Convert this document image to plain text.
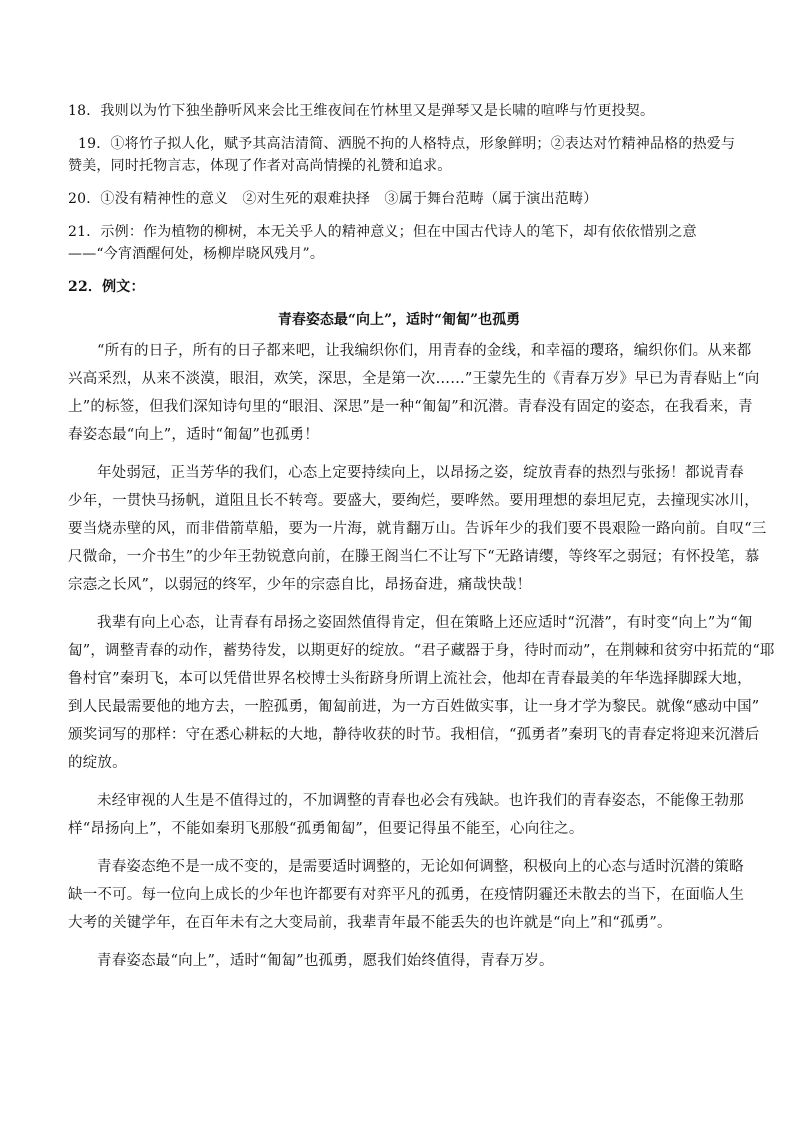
18．我则以为竹下独坐静听风来会比王维夜间在竹林里又是弹琴又是长啸的喧哗与竹更投契。
19．①将竹子拟人化，赋予其高洁清简、洒脱不拘的人格特点，形象鲜明；②表达对竹精神品格的热爱与
赞美，同时托物言志，体现了作者对高尚情操的礼赞和追求。
20．①没有精神性的意义　②对生死的艰难抉择　③属于舞台范畴（属于演出范畴）
21．示例：作为植物的柳树，本无关乎人的精神意义；但在中国古代诗人的笔下，却有依依惜别之意
——“今宵酒醒何处，杨柳岸晓风残月”。
22．例文：
青春姿态最“向上”，适时“匍匐”也孤勇
“所有的日子，所有的日子都来吧，让我编织你们，用青春的金线，和幸福的璎珞，编织你们。从来都
兴高采烈，从来不淡漠，眼泪，欢笑，深思，全是第一次……”王蒙先生的《青春万岁》早已为青春贴上“向
上”的标签，但我们深知诗句里的“眼泪、深思”是一种“匍匐”和沉潜。青春没有固定的姿态，在我看来，青
春姿态最“向上”，适时“匍匐”也孤勇！
年处弱冠，正当芳华的我们，心态上定要持续向上，以昂扬之姿，绽放青春的热烈与张扬！都说青春
少年，一贯快马扬帆，道阻且长不转弯。要盛大，要绚烂，要哗然。要用理想的泰坦尼克，去撞现实冰川，
要当烧赤壁的风，而非借箭草船，要为一片海，就肯翻万山。告诉年少的我们要不畏艰险一路向前。自叹“三
尺微命，一介书生”的少年王勃锐意向前，在滕王阁当仁不让写下“无路请缨，等终军之弱冠；有怀投笔，慕
宗悫之长风”，以弱冠的终军，少年的宗悫自比，昂扬奋进，痛哉快哉！
我辈有向上心态，让青春有昂扬之姿固然值得肯定，但在策略上还应适时“沉潜”，有时变“向上”为“匍
匐”，调整青春的动作，蓄势待发，以期更好的绽放。“君子藏器于身，待时而动”，在荆棘和贫穷中拓荒的“耶
鲁村官”秦玥飞，本可以凭借世界名校博士头衔跻身所谓上流社会，他却在青春最美的年华选择脚踩大地，
到人民最需要他的地方去，一腔孤勇，匍匐前进，为一方百姓做实事，让一身才学为黎民。就像“感动中国”
颁奖词写的那样：守在悉心耕耘的大地，静待收获的时节。我相信，“孤勇者”秦玥飞的青春定将迎来沉潜后
的绽放。
未经审视的人生是不值得过的，不加调整的青春也必会有残缺。也许我们的青春姿态，不能像王勃那
样“昂扬向上”，不能如秦玥飞那般“孤勇匍匐”，但要记得虽不能至，心向往之。
青春姿态绝不是一成不变的，是需要适时调整的，无论如何调整，积极向上的心态与适时沉潜的策略
缺一不可。每一位向上成长的少年也许都要有对弈平凡的孤勇，在疫情阴霾还未散去的当下，在面临人生
大考的关键学年，在百年未有之大变局前，我辈青年最不能丢失的也许就是“向上”和“孤勇”。
青春姿态最“向上”，适时“匍匐”也孤勇，愿我们始终值得，青春万岁。
